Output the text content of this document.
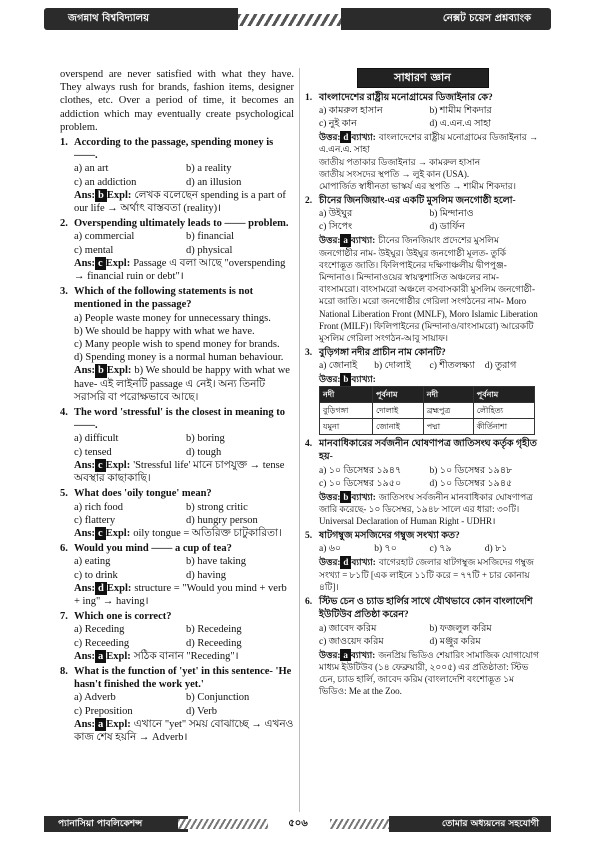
জগন্নাথ বিশ্ববিদ্যালয়	নেক্সট চয়েস প্রশ্নব্যাংক

overspend are never satisfied with what they have. They always rush for brands, fashion items, designer clothes, etc. Over a period of time, it becomes an addiction which may eventually create psychological problem.

1. According to the passage, spending money is ——.
a) an art	b) a reality
c) an addiction	d) an illusion
Ans: b Expl: লেখক বলেছেন spending is a part of our life → অর্থাৎ বাস্তবতা (reality)।
2. Overspending ultimately leads to —— problem.
a) commercial	b) financial
c) mental	d) physical
Ans: c Expl: Passage এ বলা আছে "overspending → financial ruin or debt"।
3. Which of the following statements is not mentioned in the passage?
a) People waste money for unnecessary things.
b) We should be happy with what we have.
c) Many people wish to spend money for brands.
d) Spending money is a normal human behaviour.
Ans: b Expl: b) We should be happy with what we have- এই লাইনটি passage এ নেই। অন্য তিনটি সরাসরি বা পরোক্ষভাবে আছে।
4. The word 'stressful' is the closest in meaning to ——.
a) difficult	b) boring
c) tensed	d) tough
Ans: c Expl: 'Stressful life' মানে চাপযুক্ত → tense অবস্থার কাছাকাছি।
5. What does 'oily tongue' mean?
a) rich food	b) strong critic
c) flattery	d) hungry person
Ans: c Expl: oily tongue = অতিরিক্ত চাটুকারিতা।
6. Would you mind —— a cup of tea?
a) eating	b) have taking
c) to drink	d) having
Ans: d Expl: structure = "Would you mind + verb + ing" → having।
7. Which one is correct?
a) Receding	b) Recedeing
c) Receeding	d) Receeding
Ans: a Expl: সঠিক বানান "Receding"।
8. What is the function of 'yet' in this sentence- 'He hasn't finished the work yet.'
a) Adverb	b) Conjunction
c) Preposition	d) Verb
Ans: a Expl: এখানে "yet" সময় বোঝাচ্ছে → এখনও কাজ শেষ হয়নি → Adverb।
সাধারণ জ্ঞান
1. বাংলাদেশের রাষ্ট্রীয় মনোগ্রামের ডিজাইনার কে?
a) কামরুল হাসান	b) শামীম শিকদার
c) নুই কান	d) এ.এন.এ সাহা
উত্তর: d ব্যাখ্যা: বাংলাদেশের রাষ্ট্রীয় মনোগ্রামের ডিজাইনার → এ.এন.এ. সাহা
জাতীয় পতাকার ডিজাইনার → কামরুল হাসান
জাতীয় সংসদের স্থপতি → লুই কান (USA).
মোপার্জিত স্বাধীনতা ভাস্কর্য এর স্থপতি → শামীম শিকদার।
2. চীনের জিনজিয়াং-এর একটি মুসলিম জনগোষ্ঠী হলো-
a) উইঘুর	b) মিন্দানাও
c) সিপেং	d) ডার্ফিন
উত্তর: a ব্যাখ্যা: চীনের জিনজিয়াং প্রদেশের মুসলিম জনগোষ্ঠীর নাম- উইঘুর। উইঘুর জনগোষ্ঠী মূলত- তুর্কি বংশোদ্ভূত জাতি। ফিলিপাইনের দক্ষিণাঞ্চলীয় দ্বীপপুঞ্জ- মিন্দানাও। মিন্দানাওয়ের স্বায়ত্বশাসিত অঞ্চলের নাম- বাংসামরো। বাংসামরো অঞ্চলে বসবাসকারী মুসলিম জনগোষ্ঠী- মরো জাতি। মরো জনগোষ্ঠীর গেরিলা সংগঠনের নাম- Moro National Liberation Front (MNLF), Moro Islamic Liberation Front (MILF)। ফিলিপাইনের (মিন্দানাও/বাংসামরো) আরেকটি মুসলিম গেরিলা সংগঠন-আবু সায়াফ।
3. বুড়িগঙ্গা নদীর প্রাচীন নাম কোনটি?
a) জোনাই	b) দোলাই	c) শীতলক্ষ্যা	d) তুরাগ
উত্তর: b ব্যাখ্যা:
নদী	পূর্বনাম	নদী	পূর্বনাম
বুড়িগঙ্গা	দোলাই	ব্রহ্মপুত্র	লৌহিত্য
যমুনা	জোনাই	পদ্মা	কীর্তিনাশা
4. মানবাধিকারের সর্বজনীন ঘোষণাপত্র জাতিসংঘ কর্তৃক গৃহীত হয়-
a) ১০ ডিসেম্বর ১৯৪৭	b) ১০ ডিসেম্বর ১৯৪৮
c) ১০ ডিসেম্বর ১৯৫০	d) ১০ ডিসেম্বর ১৯৪৫
উত্তর: b ব্যাখ্যা: জাতিসংঘ সর্বজনীন মানবাধিকার ঘোষণাপত্র জারি করেছে- ১০ ডিসেম্বর, ১৯৪৮ সালে এর ধারা: ৩০টি। Universal Declaration of Human Right - UDHR।
5. ষাটগম্বুজ মসজিদের গম্বুজ সংখ্যা কত?
a) ৬০	b) ৭০	c) ৭৯	d) ৮১
উত্তর: d ব্যাখ্যা: বাগেরহাট জেলার ষাটগম্বুজ মসজিদের গম্বুজ সংখ্যা = ৮১টি [এক লাইনে ১১টি করে = ৭৭টি + চার কোনায় ৪টি]।
6. স্টিভ চেন ও চ্যাড হার্লির সাথে যৌথভাবে কোন বাংলাদেশি ইউটিউব প্রতিষ্ঠা করেন?
a) জাবেদ করিম	b) ফজলুল করিম
c) জাওয়েদ করিম	d) মঞ্জুর করিম
উত্তর: a ব্যাখ্যা: জনপ্রিয় ভিডিও শেয়ারিং সামাজিক যোগাযোগ মাধ্যম ইউটিউব (১৪ ফেব্রুয়ারী, ২০০৫) এর প্রতিষ্ঠাতা: স্টিভ চেন, চ্যাড হার্লি, জাবেদ করিম (বাংলাদেশি বংশোদ্ভূত ১ম ভিডিও: Me at the Zoo.
প্যানাসিয়া পাবলিকেশন্স	৫০৬	তোমার অধ্যয়নের সহযোগী
